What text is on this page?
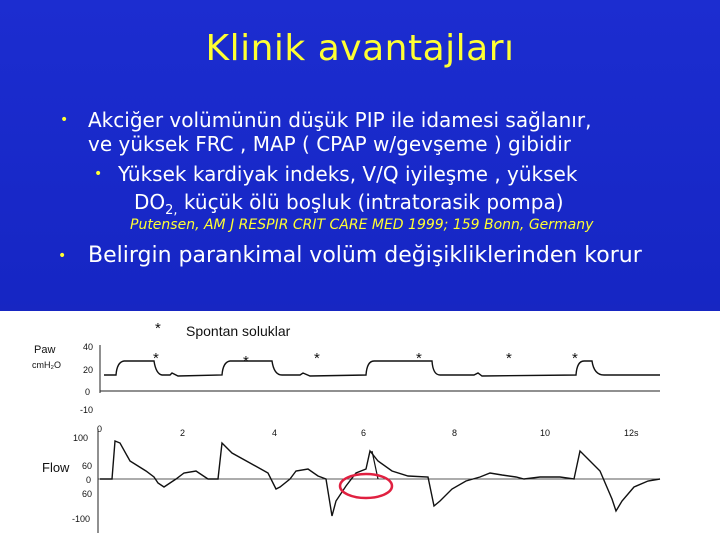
Klinik avantajları
• Akciğer volümünün düşük PIP ile idamesi sağlanır,
ve yüksek FRC , MAP ( CPAP w/gevşeme ) gibidir
• Yüksek kardiyak indeks, V/Q iyileşme , yüksek
$DO_{2,}$ küçük ölü boşluk (intratorasik pompa)
Putensen, AM J RESPIR CRIT CARE MED 1999; 159 Bonn, Germany
• Belirgin parankimal volüm değişikliklerinden korur
Paw
cmH₂O
Flow
Spontan soluklar
*
40
20
0
-10
0	2	4	6	8	10	12s
100
60
0
60
-100
*	*	*	*	*	*
